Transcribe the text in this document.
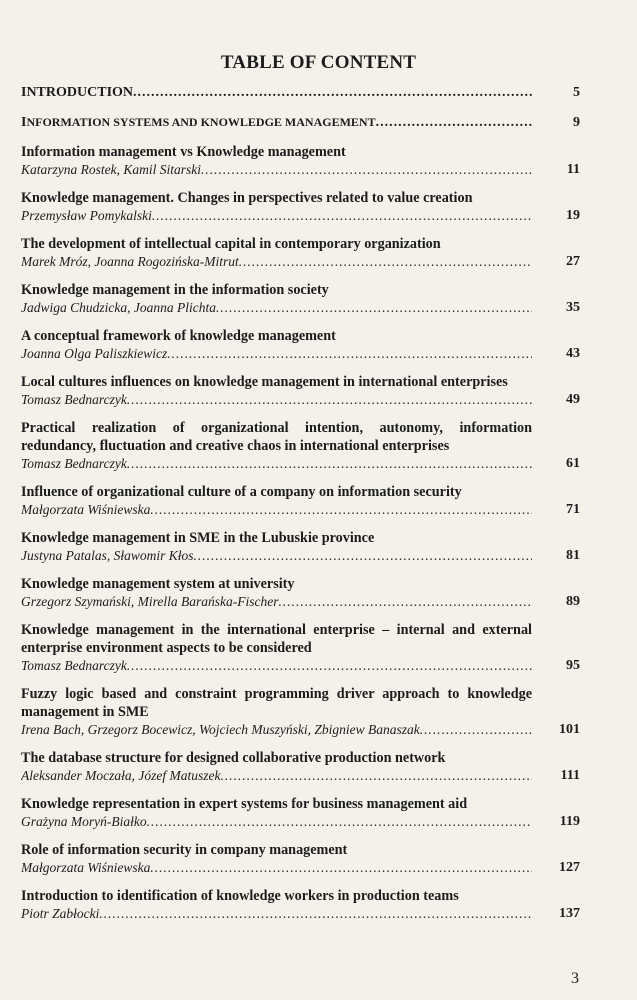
TABLE OF CONTENT
INTRODUCTION .....	5
INFORMATION SYSTEMS AND KNOWLEDGE MANAGEMENT .....	9
Information management vs Knowledge management
Katarzyna Rostek, Kamil Sitarski .....	11
Knowledge management. Changes in perspectives related to value creation
Przemysław Pomykalski .....	19
The development of intellectual capital in contemporary organization
Marek Mróz, Joanna Rogozińska-Mitrut .....	27
Knowledge management in the information society
Jadwiga Chudzicka, Joanna Plichta .....	35
A conceptual framework of knowledge management
Joanna Olga Paliszkiewicz .....	43
Local cultures influences on knowledge management in international enterprises
Tomasz Bednarczyk .....	49
Practical realization of organizational intention, autonomy, information redundancy, fluctuation and creative chaos in international enterprises
Tomasz Bednarczyk .....	61
Influence of organizational culture of a company on information security
Małgorzata Wiśniewska .....	71
Knowledge management in SME in the Lubuskie province
Justyna Patalas, Sławomir Kłos .....	81
Knowledge management system at university
Grzegorz Szymański, Mirella Barańska-Fischer .....	89
Knowledge management in the international enterprise – internal and external enterprise environment aspects to be considered
Tomasz Bednarczyk .....	95
Fuzzy logic based and constraint programming driver approach to knowledge management in SME
Irena Bach, Grzegorz Bocewicz, Wojciech Muszyński, Zbigniew Banaszak .....	101
The database structure for designed collaborative production network
Aleksander Moczała, Józef Matuszek .....	111
Knowledge representation in expert systems for business management aid
Grażyna Moryń-Białko .....	119
Role of information security in company management
Małgorzata Wiśniewska .....	127
Introduction to identification of knowledge workers in production teams
Piotr Zabłocki .....	137
3
